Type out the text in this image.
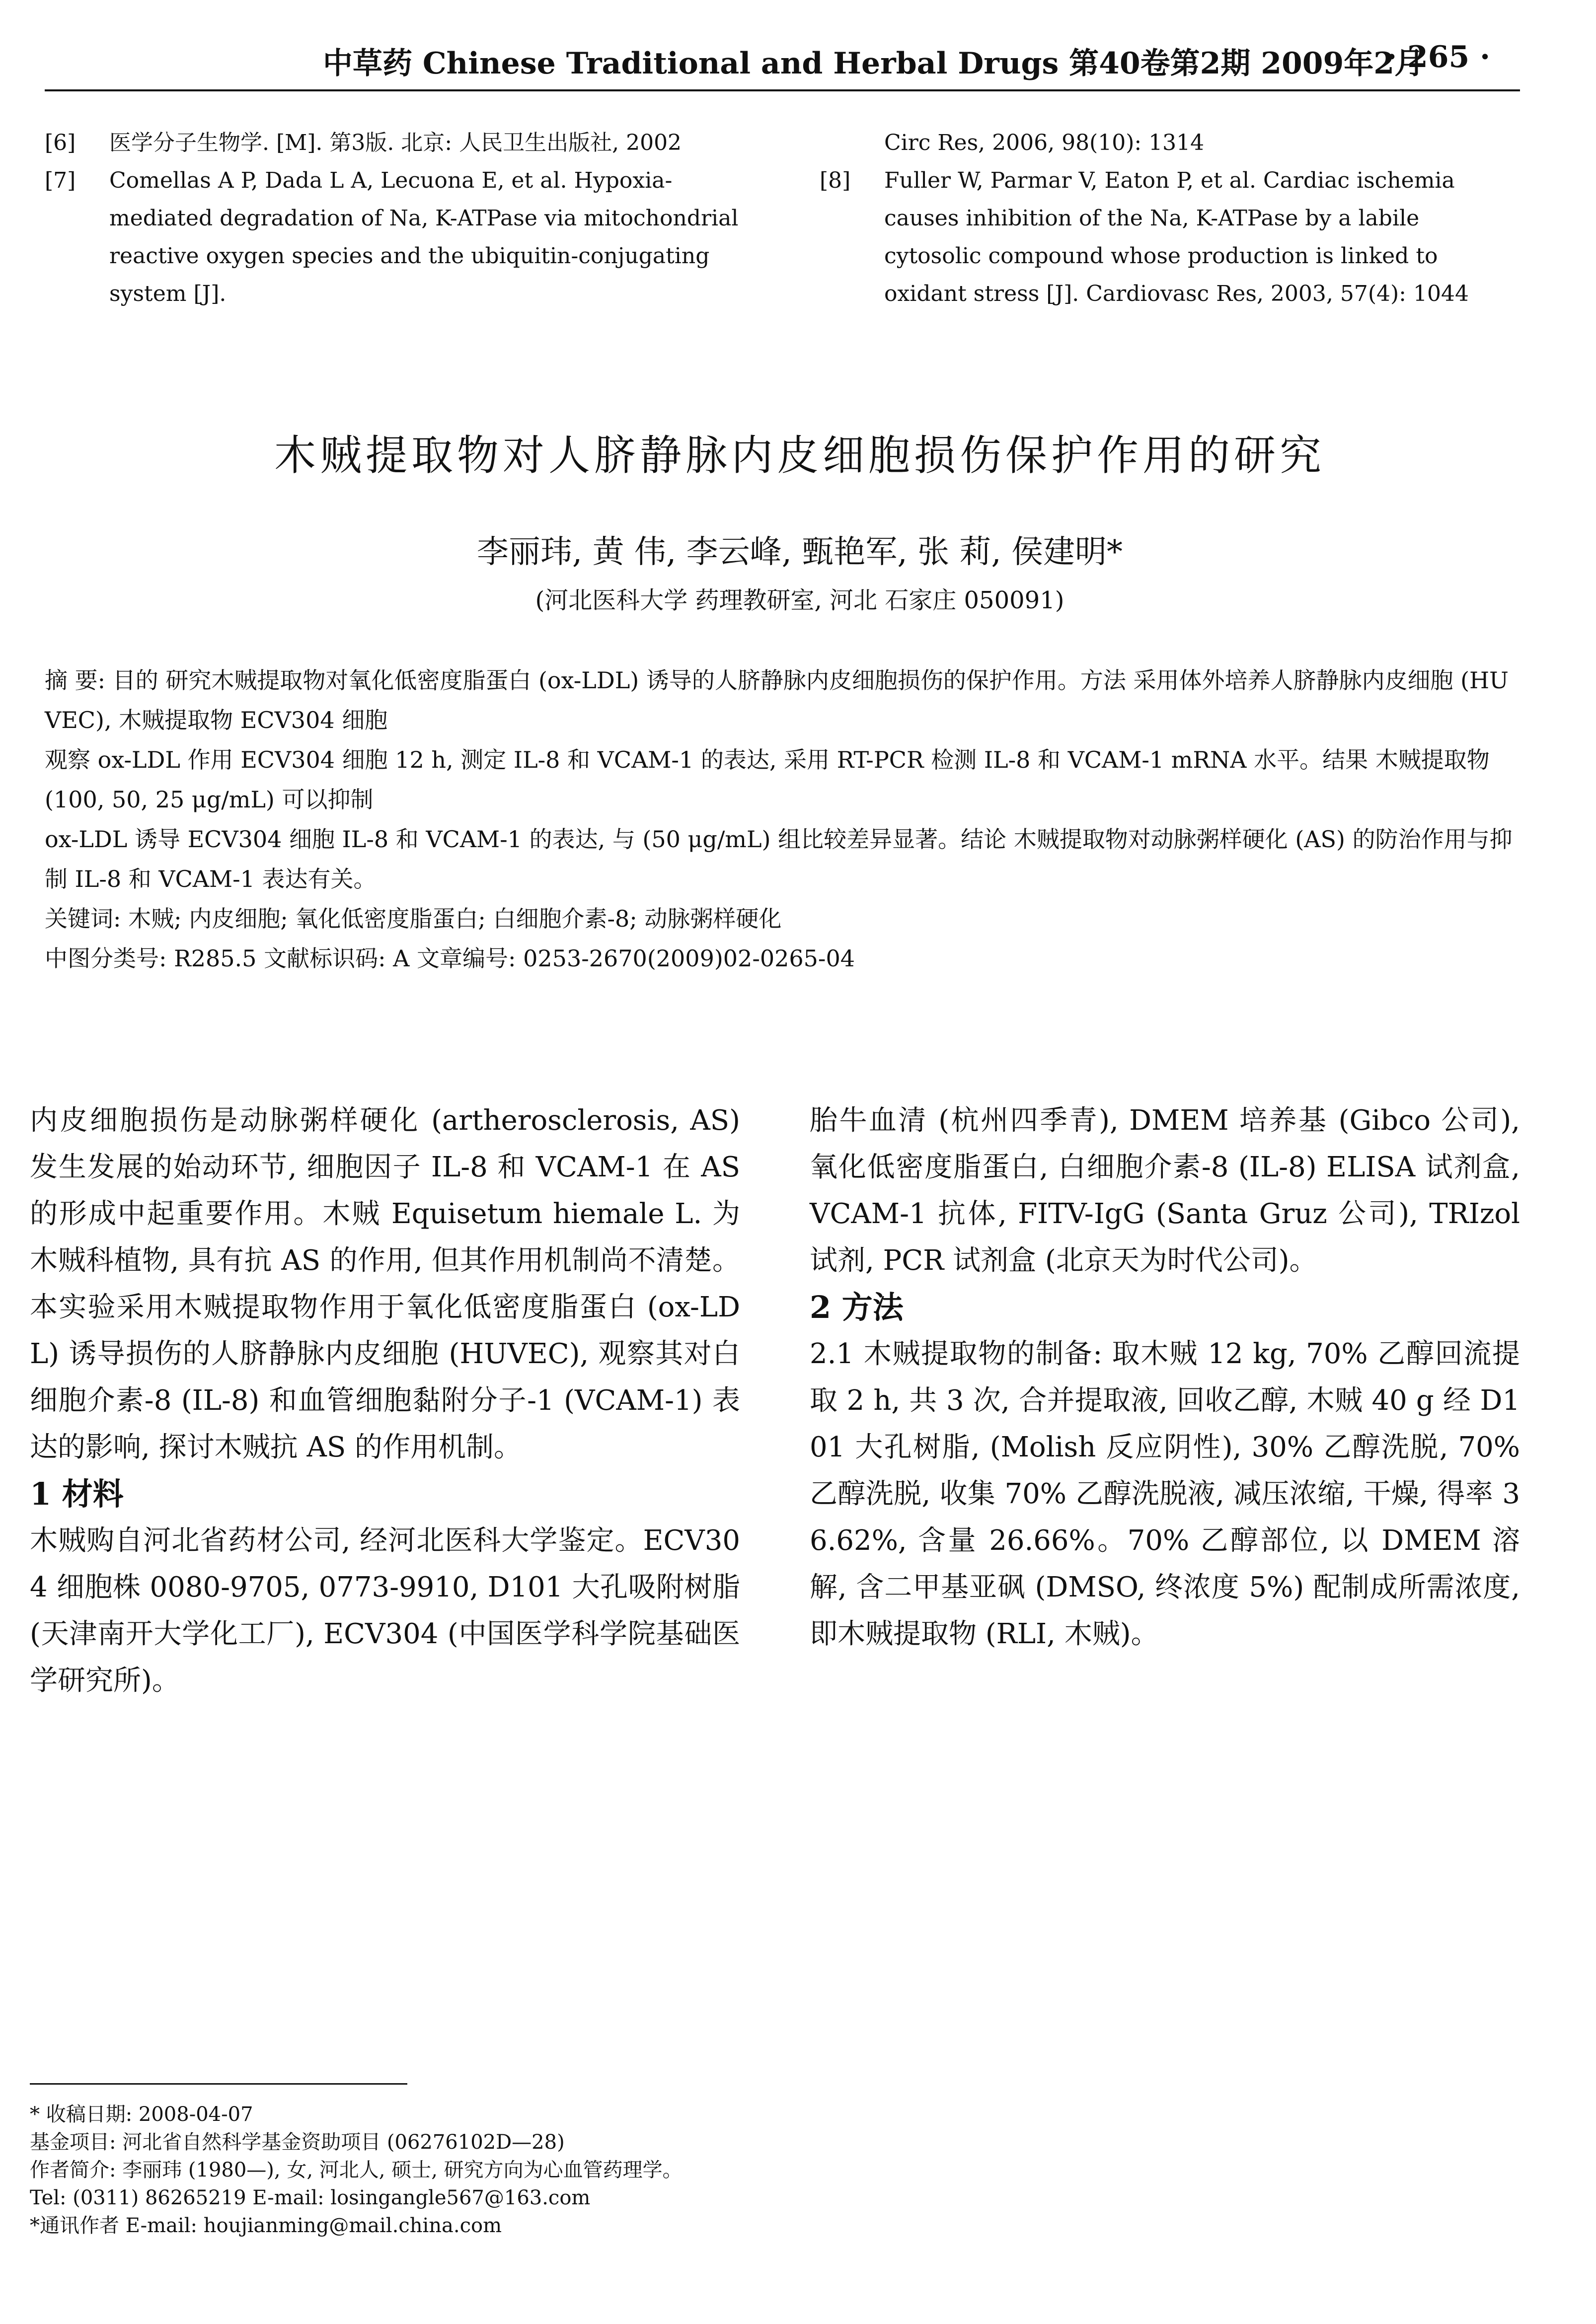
中草药 Chinese Traditional and Herbal Drugs 第40卷第2期 2009年2月
· 265 ·

[6] 医学分子生物学. [M]. 第3版. 北京: 人民卫生出版社, 2002

[7] Comellas A P, Dada L A, Lecuona E, et al. Hypoxia-mediated degradation of Na, K-ATPase via mitochondrial reactive oxygen species and the ubiquitin-conjugating system [J].

Circ Res, 2006, 98(10): 1314

[8] Fuller W, Parmar V, Eaton P, et al. Cardiac ischemia causes inhibition of the Na, K-ATPase by a labile cytosolic compound whose production is linked to oxidant stress [J]. Cardiovasc Res, 2003, 57(4): 1044

木贼提取物对人脐静脉内皮细胞损伤保护作用的研究
李丽玮, 黄 伟, 李云峰, 甄艳军, 张 莉, 侯建明*
(河北医科大学 药理教研室, 河北 石家庄 050091)

摘 要: 目的 研究木贼提取物对氧化低密度脂蛋白 (ox-LDL) 诱导的人脐静脉内皮细胞损伤的保护作用。方法 采用体外培养人脐静脉内皮细胞 (HUVEC), 木贼提取物 ECV304 细胞

观察 ox-LDL 作用 ECV304 细胞 12 h, 测定 IL-8 和 VCAM-1 的表达, 采用 RT-PCR 检测 IL-8 和 VCAM-1 mRNA 水平。结果 木贼提取物 (100, 50, 25 μg/mL) 可以抑制

ox-LDL 诱导 ECV304 细胞 IL-8 和 VCAM-1 的表达, 与 (50 μg/mL) 组比较差异显著。结论 木贼提取物对动脉粥样硬化 (AS) 的防治作用与抑制 IL-8 和 VCAM-1 表达有关。

关键词: 木贼; 内皮细胞; 氧化低密度脂蛋白; 白细胞介素-8; 动脉粥样硬化

中图分类号: R285.5 文献标识码: A 文章编号: 0253-2670(2009)02-0265-04

内皮细胞损伤是动脉粥样硬化 (artherosclerosis, AS) 发生发展的始动环节, 细胞因子 IL-8 和 VCAM-1 在 AS 的形成中起重要作用。木贼 Equisetum hiemale L. 为木贼科植物, 具有抗 AS 的作用, 但其作用机制尚不清楚。本实验采用木贼提取物作用于氧化低密度脂蛋白 (ox-LDL) 诱导损伤的人脐静脉内皮细胞 (HUVEC), 观察其对白细胞介素-8 (IL-8) 和血管细胞黏附分子-1 (VCAM-1) 表达的影响, 探讨木贼抗 AS 的作用机制。

1 材料

木贼购自河北省药材公司, 经河北医科大学鉴定。ECV304 细胞株 0080-9705, 0773-9910, D101 大孔吸附树脂 (天津南开大学化工厂), ECV304 (中国医学科学院基础医学研究所)。

胎牛血清 (杭州四季青), DMEM 培养基 (Gibco 公司), 氧化低密度脂蛋白, 白细胞介素-8 (IL-8) ELISA 试剂盒, VCAM-1 抗体, FITV-IgG (Santa Gruz 公司), TRIzol 试剂, PCR 试剂盒 (北京天为时代公司)。

2 方法

2.1 木贼提取物的制备: 取木贼 12 kg, 70% 乙醇回流提取 2 h, 共 3 次, 合并提取液, 回收乙醇, 木贼 40 g 经 D101 大孔树脂, (Molish 反应阴性), 30% 乙醇洗脱, 70% 乙醇洗脱, 收集 70% 乙醇洗脱液, 减压浓缩, 干燥, 得率 36.62%, 含量 26.66%。70% 乙醇部位, 以 DMEM 溶解, 含二甲基亚砜 (DMSO, 终浓度 5%) 配制成所需浓度, 即木贼提取物 (RLI, 木贼)。

* 收稿日期: 2008-04-07

基金项目: 河北省自然科学基金资助项目 (06276102D—28)

作者简介: 李丽玮 (1980—), 女, 河北人, 硕士, 研究方向为心血管药理学。

Tel: (0311) 86265219 E-mail: losingangle567@163.com

*通讯作者 E-mail: houjianming@mail.china.com
